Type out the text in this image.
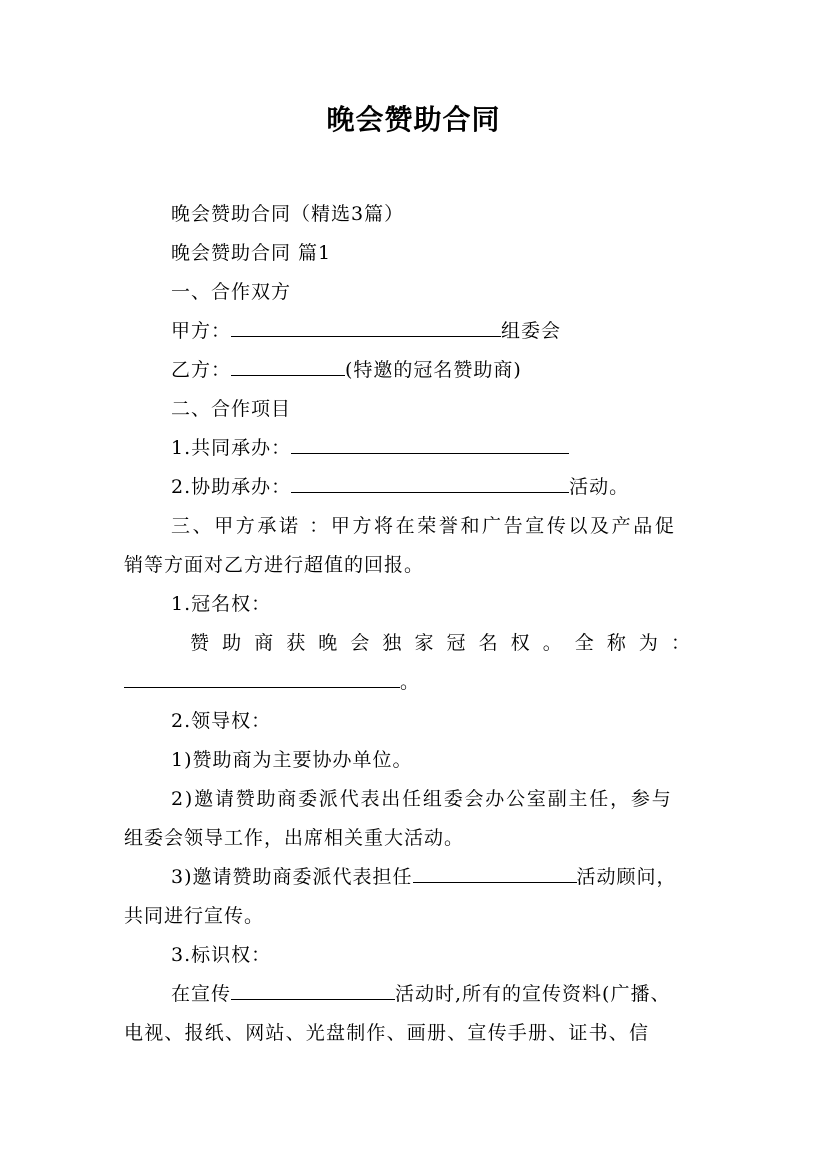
晚会赞助合同
晚会赞助合同（精选3篇）
晚会赞助合同 篇1
一、合作双方
甲方：	组委会
乙方：	(特邀的冠名赞助商)
二、合作项目
1.共同承办：
2.协助承办：	活动。
三、甲方承诺 ：甲方将在荣誉和广告宣传以及产品促
销等方面对乙方进行超值的回报。
1.冠名权：
赞 助 商 获 晚 会 独 家 冠 名 权 。 全 称 为 ：
。
2.领导权：
1)赞助商为主要协办单位。
2)邀请赞助商委派代表出任组委会办公室副主任，参与
组委会领导工作，出席相关重大活动。
3)邀请赞助商委派代表担任	活动顾问，
共同进行宣传。
3.标识权：
在宣传	活动时,所有的宣传资料(广播、
电视、报纸、网站、光盘制作、画册、宣传手册、证书、信
